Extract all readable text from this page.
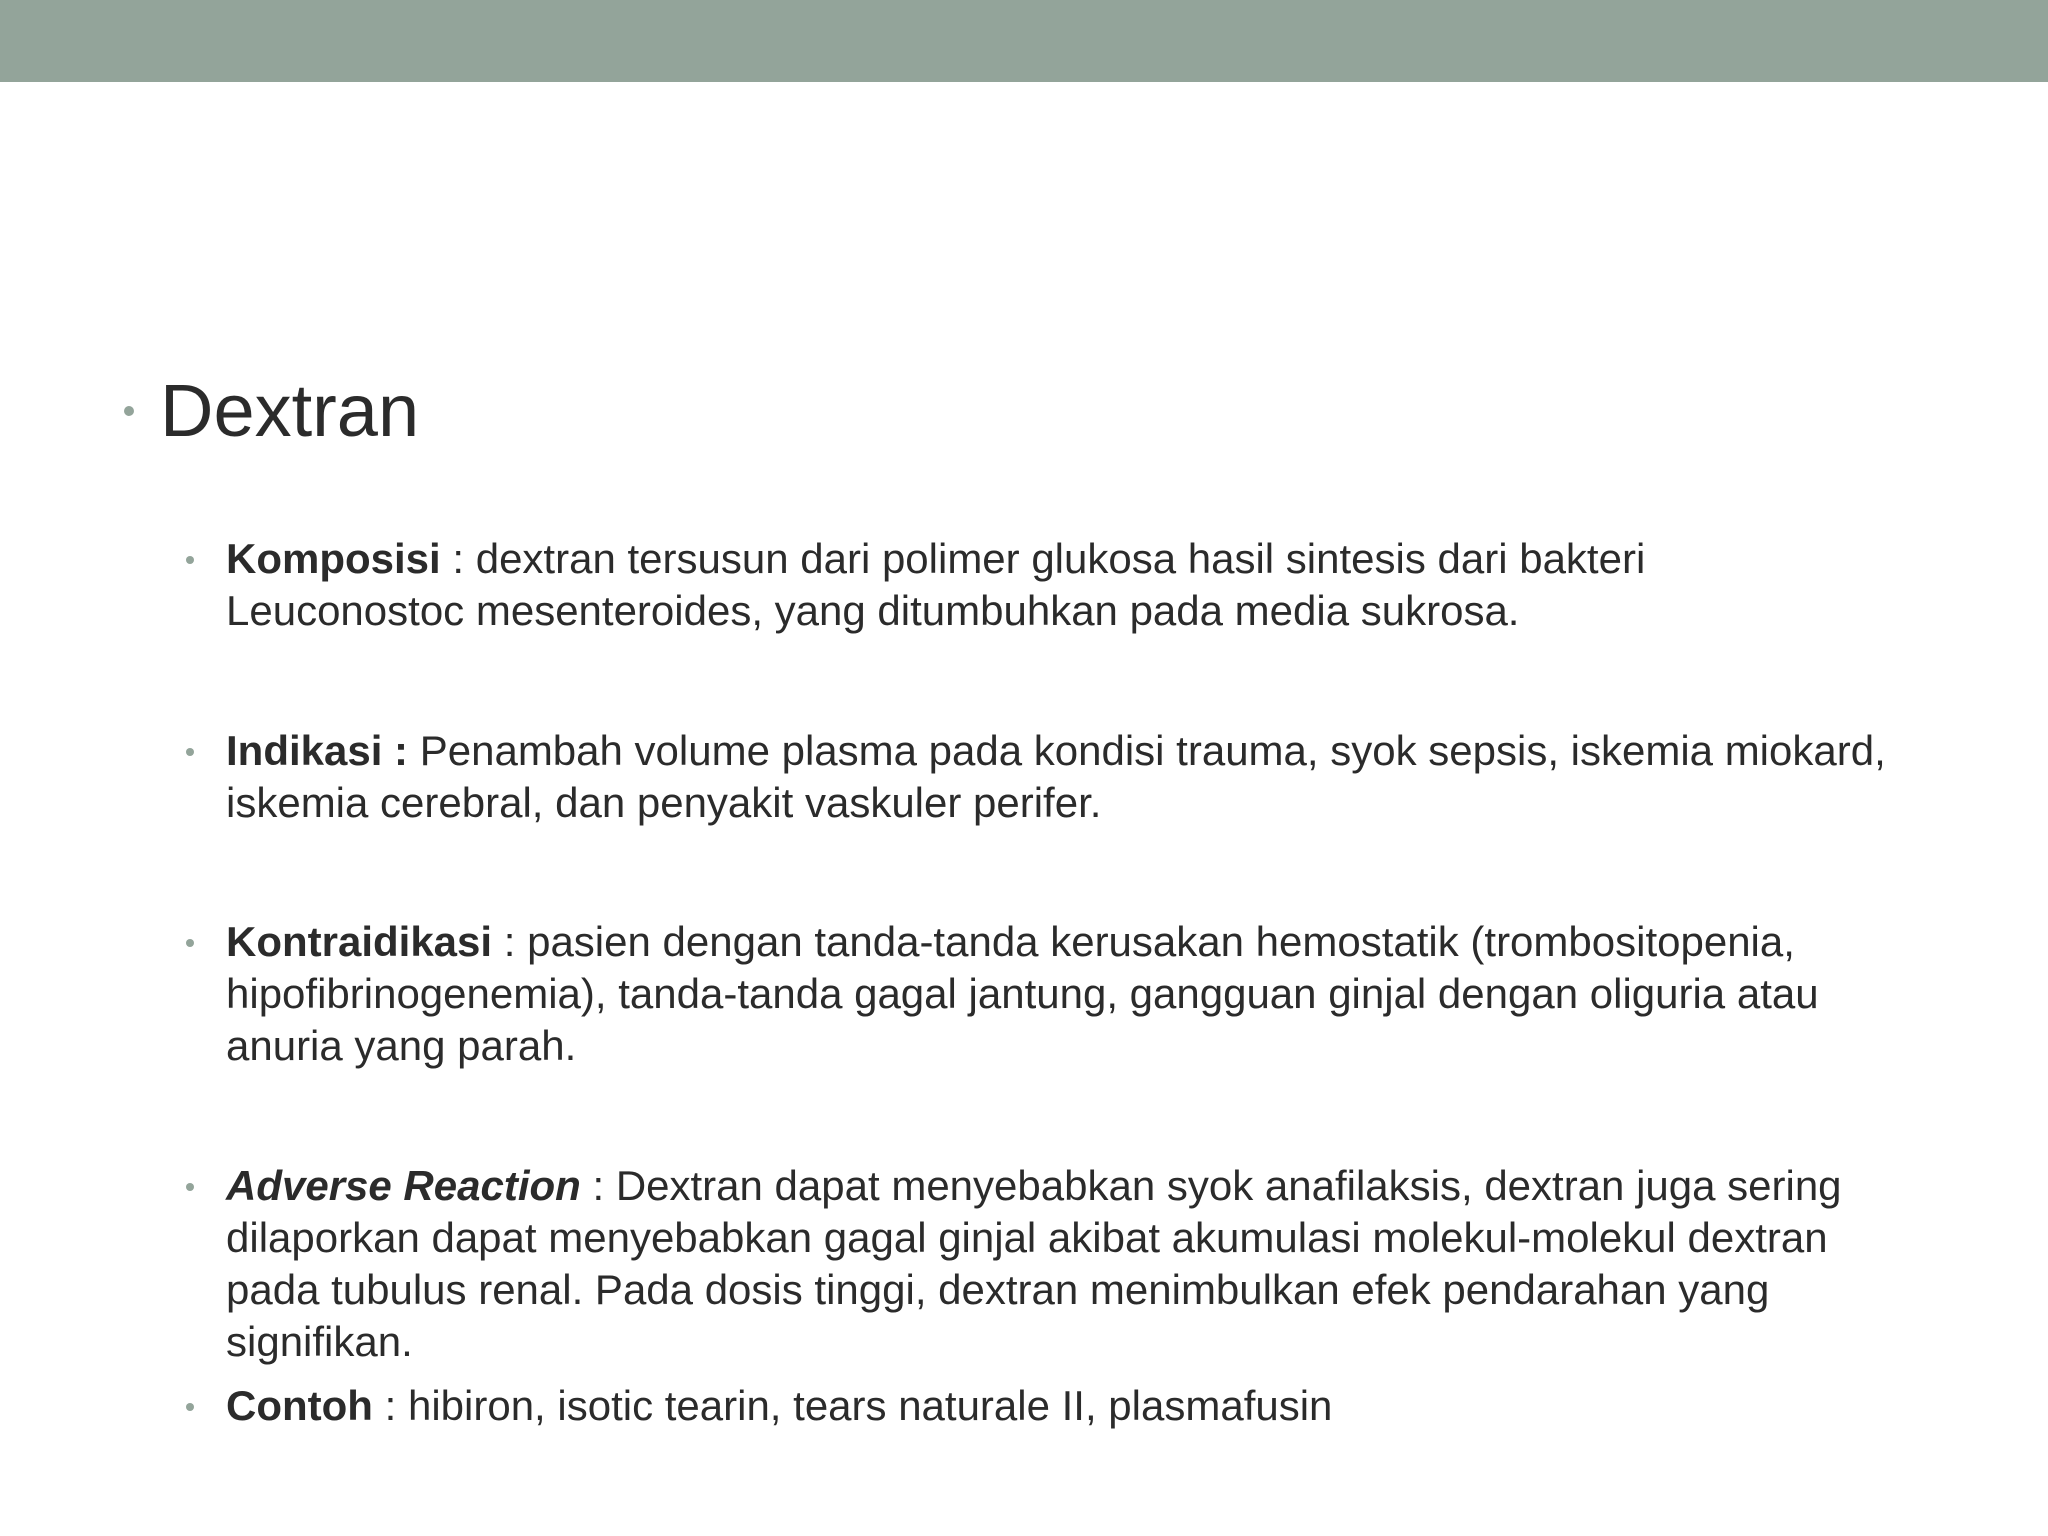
Dextran
Komposisi : dextran tersusun dari polimer glukosa hasil sintesis dari bakteri Leuconostoc mesenteroides, yang ditumbuhkan pada media sukrosa.
Indikasi : Penambah volume plasma pada kondisi trauma, syok sepsis, iskemia miokard, iskemia cerebral, dan penyakit vaskuler perifer.
Kontraidikasi : pasien dengan tanda-tanda kerusakan hemostatik (trombositopenia, hipofibrinogenemia), tanda-tanda gagal jantung, gangguan ginjal dengan oliguria atau anuria yang parah.
Adverse Reaction : Dextran dapat menyebabkan syok anafilaksis, dextran juga sering dilaporkan dapat menyebabkan gagal ginjal akibat akumulasi molekul-molekul dextran pada tubulus renal. Pada dosis tinggi, dextran menimbulkan efek pendarahan yang signifikan.
Contoh : hibiron, isotic tearin, tears naturale II, plasmafusin
